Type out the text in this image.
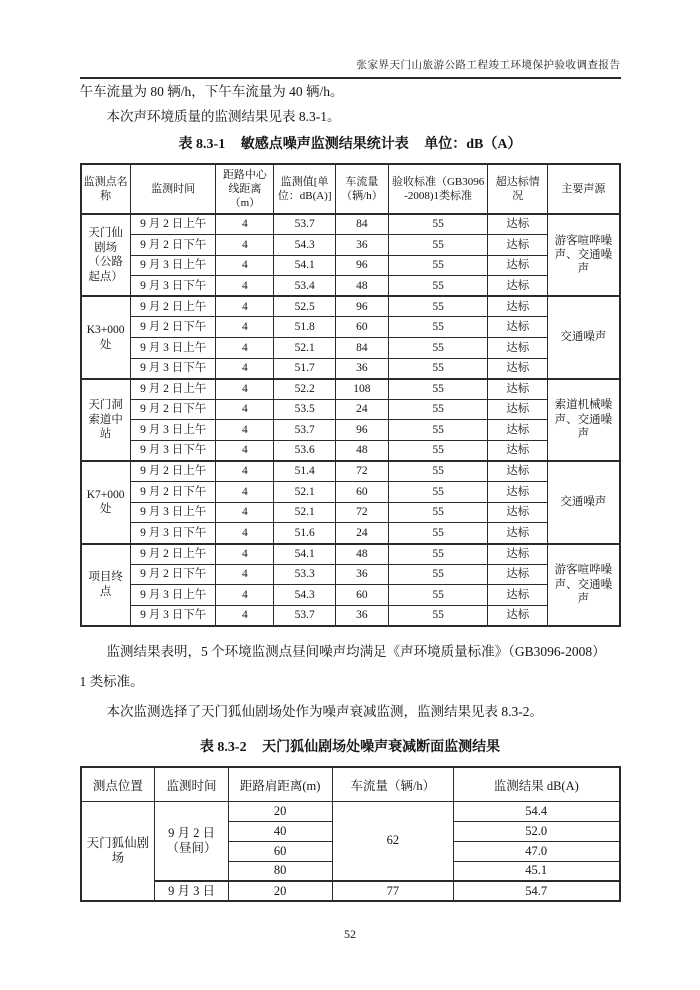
张家界天门山旅游公路工程竣工环境保护验收调查报告

午车流量为 80 辆/h，下午车流量为 40 辆/h。

本次声环境质量的监测结果见表 8.3-1。

表 8.3-1 敏感点噪声监测结果统计表 单位：dB（A）
监测点名称	监测时间	距路中心线距离（m）	监测值[单位：dB(A)]	车流量（辆/h）	验收标准（GB3096-2008)1类标准	超达标情况	主要声源
天门仙剧场（公路起点）	9 月 2 日上午	4	53.7	84	55	达标	游客喧哗噪声、交通噪声
	9 月 2 日下午	4	54.3	36	55	达标	
	9 月 3 日上午	4	54.1	96	55	达标	
	9 月 3 日下午	4	53.4	48	55	达标	
K3+000 处	9 月 2 日上午	4	52.5	96	55	达标	交通噪声
	9 月 2 日下午	4	51.8	60	55	达标	
	9 月 3 日上午	4	52.1	84	55	达标	
	9 月 3 日下午	4	51.7	36	55	达标	
天门洞索道中站	9 月 2 日上午	4	52.2	108	55	达标	索道机械噪声、交通噪声
	9 月 2 日下午	4	53.5	24	55	达标	
	9 月 3 日上午	4	53.7	96	55	达标	
	9 月 3 日下午	4	53.6	48	55	达标	
K7+000 处	9 月 2 日上午	4	51.4	72	55	达标	交通噪声
	9 月 2 日下午	4	52.1	60	55	达标	
	9 月 3 日上午	4	52.1	72	55	达标	
	9 月 3 日下午	4	51.6	24	55	达标	
项目终点	9 月 2 日上午	4	54.1	48	55	达标	游客喧哗噪声、交通噪声
	9 月 2 日下午	4	53.3	36	55	达标	
	9 月 3 日上午	4	54.3	60	55	达标	
	9 月 3 日下午	4	53.7	36	55	达标	
监测结果表明，5 个环境监测点昼间噪声均满足《声环境质量标准》（GB3096-2008）
1 类标准。

本次监测选择了天门狐仙剧场处作为噪声衰减监测，监测结果见表 8.3-2。

表 8.3-2 天门狐仙剧场处噪声衰减断面监测结果
测点位置	监测时间	距路肩距离(m)	车流量（辆/h）	监测结果 dB(A)
天门狐仙剧场	9 月 2 日（昼间）	20	62	54.4
		40		52.0
		60		47.0
		80		45.1
	9 月 3 日	20	77	54.7
52
